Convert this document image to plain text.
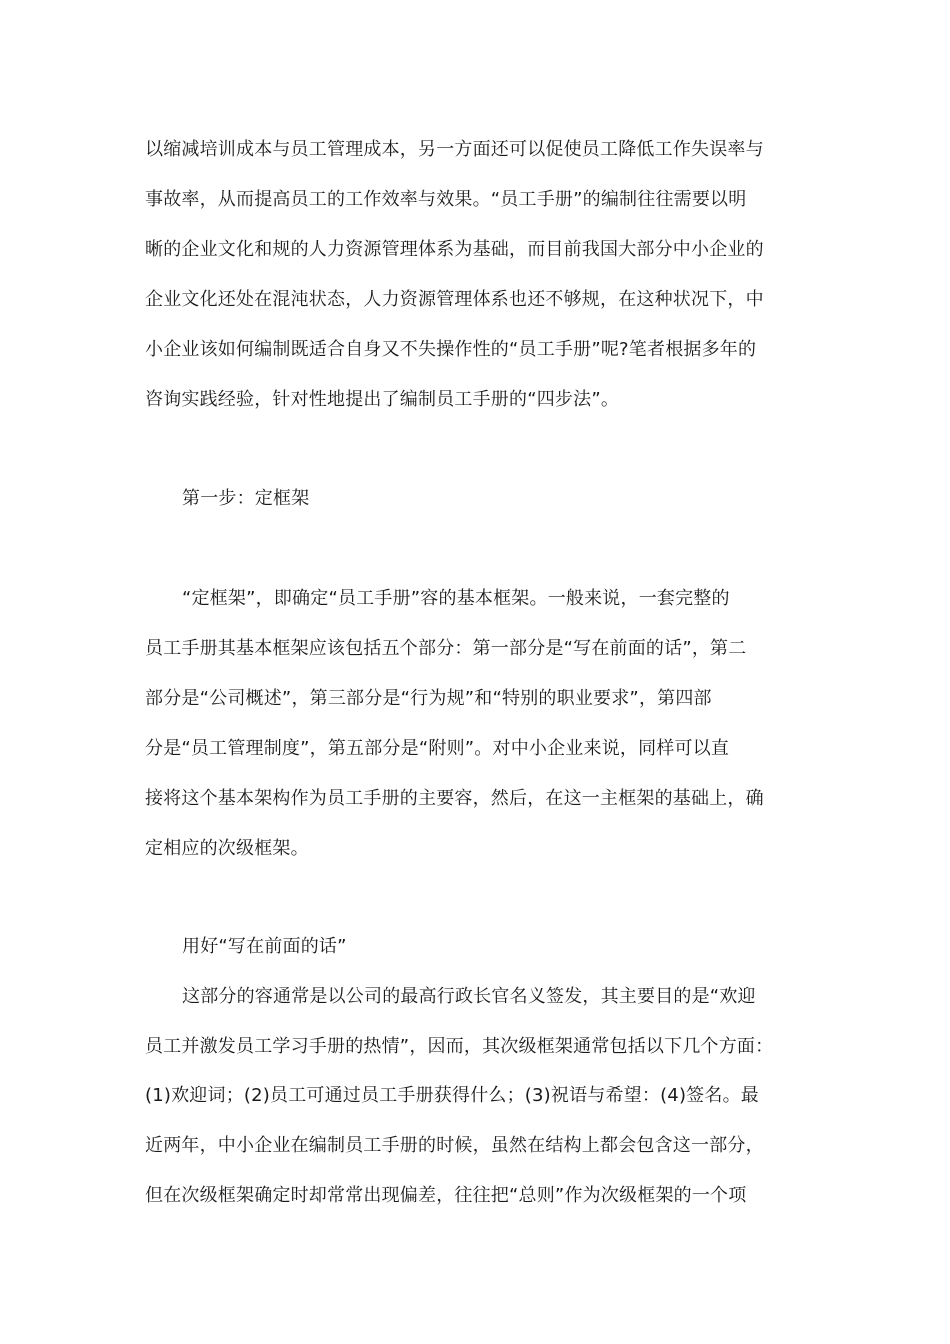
以缩减培训成本与员工管理成本，另一方面还可以促使员工降低工作失误率与
事故率，从而提高员工的工作效率与效果。“员工手册”的编制往往需要以明
晰的企业文化和规的人力资源管理体系为基础，而目前我国大部分中小企业的
企业文化还处在混沌状态，人力资源管理体系也还不够规，在这种状况下，中
小企业该如何编制既适合自身又不失操作性的“员工手册”呢?笔者根据多年的
咨询实践经验，针对性地提出了编制员工手册的“四步法”。
第一步：定框架
“定框架”，即确定“员工手册”容的基本框架。一般来说，一套完整的
员工手册其基本框架应该包括五个部分：第一部分是“写在前面的话”，第二
部分是“公司概述”，第三部分是“行为规”和“特别的职业要求”，第四部
分是“员工管理制度”，第五部分是“附则”。对中小企业来说，同样可以直
接将这个基本架构作为员工手册的主要容，然后，在这一主框架的基础上，确
定相应的次级框架。
用好“写在前面的话”
这部分的容通常是以公司的最高行政长官名义签发，其主要目的是“欢迎
员工并激发员工学习手册的热情”，因而，其次级框架通常包括以下几个方面：
(1)欢迎词；(2)员工可通过员工手册获得什么；(3)祝语与希望：(4)签名。最
近两年，中小企业在编制员工手册的时候，虽然在结构上都会包含这一部分，
但在次级框架确定时却常常出现偏差，往往把“总则”作为次级框架的一个项
